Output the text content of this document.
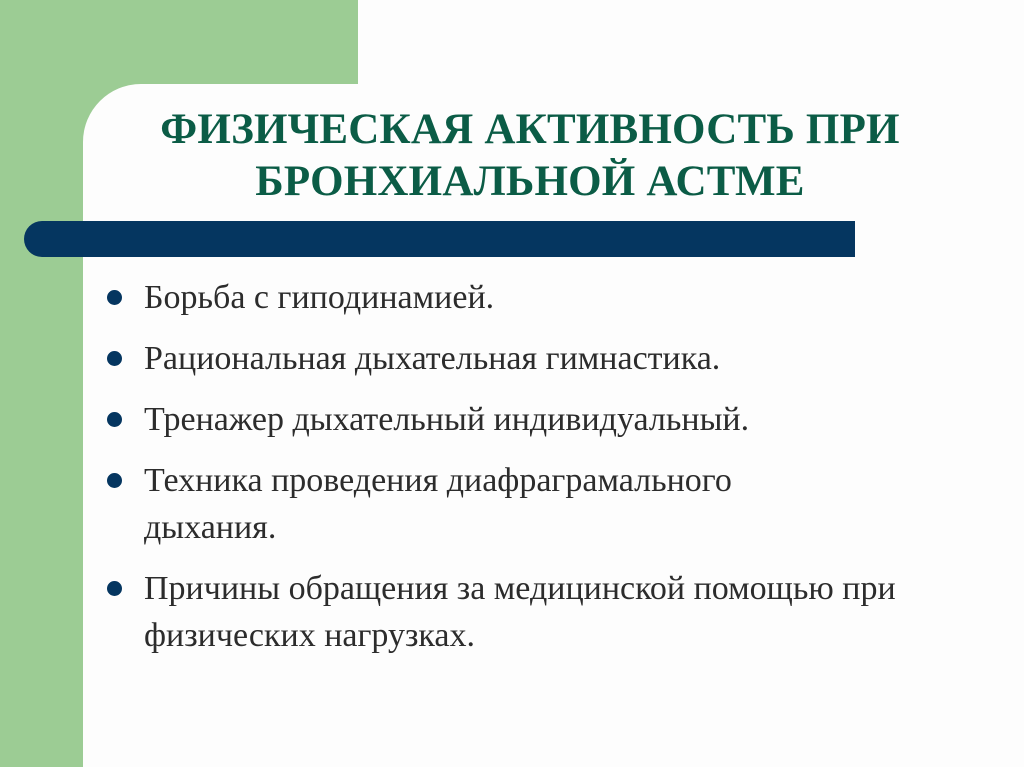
ФИЗИЧЕСКАЯ АКТИВНОСТЬ ПРИ
БРОНХИАЛЬНОЙ АСТМЕ
Борьба с гиподинамией.
Рациональная дыхательная гимнастика.
Тренажер дыхательный индивидуальный.
Техника проведения диафраграмального дыхания.
Причины обращения за медицинской помощью при физических нагрузках.
